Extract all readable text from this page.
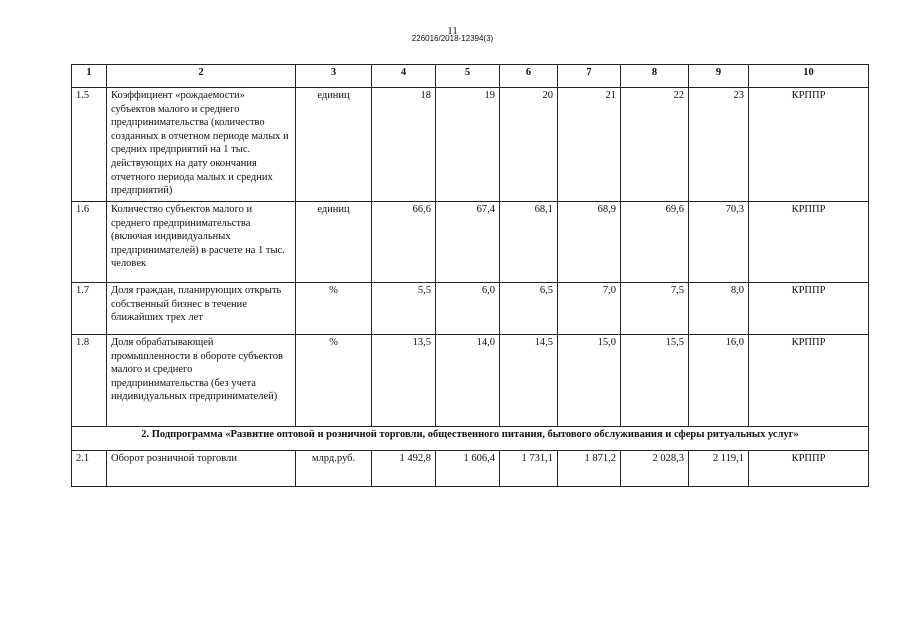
11
226016/2018-12394(3)
1	2	3	4	5	6	7	8	9	10
1.5	Коэффициент «рождаемости» субъектов малого и среднего предпринимательства (количество созданных в отчетном периоде малых и средних предприятий на 1 тыс. действующих на дату окончания отчетного периода малых и средних предприятий)	единиц	18	19	20	21	22	23	КРППР
1.6	Количество субъектов малого и среднего предпринимательства (включая индивидуальных предпринимателей) в расчете на 1 тыс. человек	единиц	66,6	67,4	68,1	68,9	69,6	70,3	КРППР
1.7	Доля граждан, планирующих открыть собственный бизнес в течение ближайших трех лет	%	5,5	6,0	6,5	7,0	7,5	8,0	КРППР
1.8	Доля обрабатывающей промышленности в обороте субъектов малого и среднего предпринимательства (без учета индивидуальных предпринимателей)	%	13,5	14,0	14,5	15,0	15,5	16,0	КРППР
2. Подпрограмма «Развитие оптовой и розничной торговли, общественного питания, бытового обслуживания и сферы ритуальных услуг»									
2.1	Оборот розничной торговли	млрд.руб.	1 492,8	1 606,4	1 731,1	1 871,2	2 028,3	2 119,1	КРППР
